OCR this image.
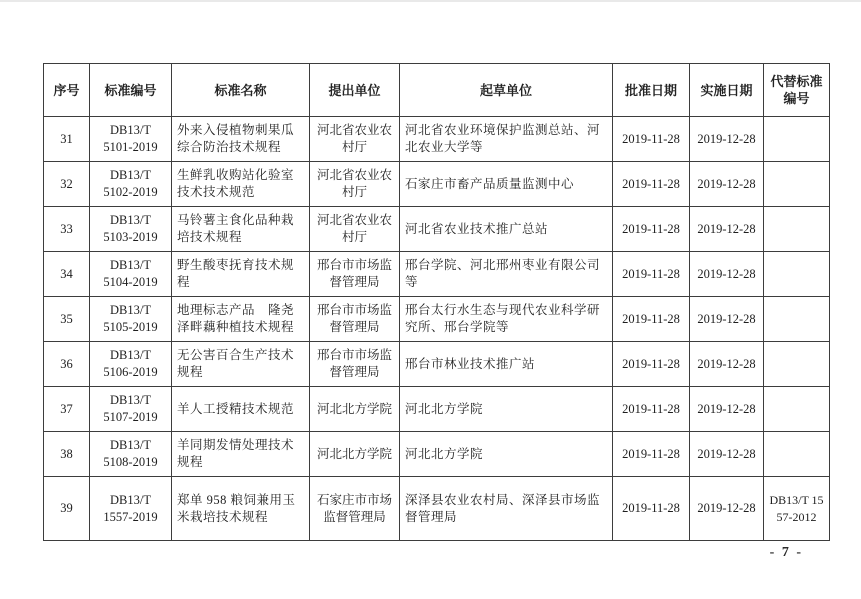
序号	标准编号	标准名称	提出单位	起草单位	批准日期	实施日期	代替标准编号
31	DB13/T 5101-2019	外来入侵植物刺果瓜综合防治技术规程	河北省农业农村厅	河北省农业环境保护监测总站、河北农业大学等	2019-11-28	2019-12-28	
32	DB13/T 5102-2019	生鲜乳收购站化验室技术技术规范	河北省农业农村厅	石家庄市畜产品质量监测中心	2019-11-28	2019-12-28	
33	DB13/T 5103-2019	马铃薯主食化品种栽培技术规程	河北省农业农村厅	河北省农业技术推广总站	2019-11-28	2019-12-28	
34	DB13/T 5104-2019	野生酸枣抚育技术规程	邢台市市场监督管理局	邢台学院、河北邢州枣业有限公司等	2019-11-28	2019-12-28	
35	DB13/T 5105-2019	地理标志产品　隆尧泽畔藕种植技术规程	邢台市市场监督管理局	邢台太行水生态与现代农业科学研究所、邢台学院等	2019-11-28	2019-12-28	
36	DB13/T 5106-2019	无公害百合生产技术规程	邢台市市场监督管理局	邢台市林业技术推广站	2019-11-28	2019-12-28	
37	DB13/T 5107-2019	羊人工授精技术规范	河北北方学院	河北北方学院	2019-11-28	2019-12-28	
38	DB13/T 5108-2019	羊同期发情处理技术规程	河北北方学院	河北北方学院	2019-11-28	2019-12-28	
39	DB13/T 1557-2019	郑单 958 粮饲兼用玉米栽培技术规程	石家庄市市场监督管理局	深泽县农业农村局、深泽县市场监督管理局	2019-11-28	2019-12-28	DB13/T 1557-2012
- 7 -
